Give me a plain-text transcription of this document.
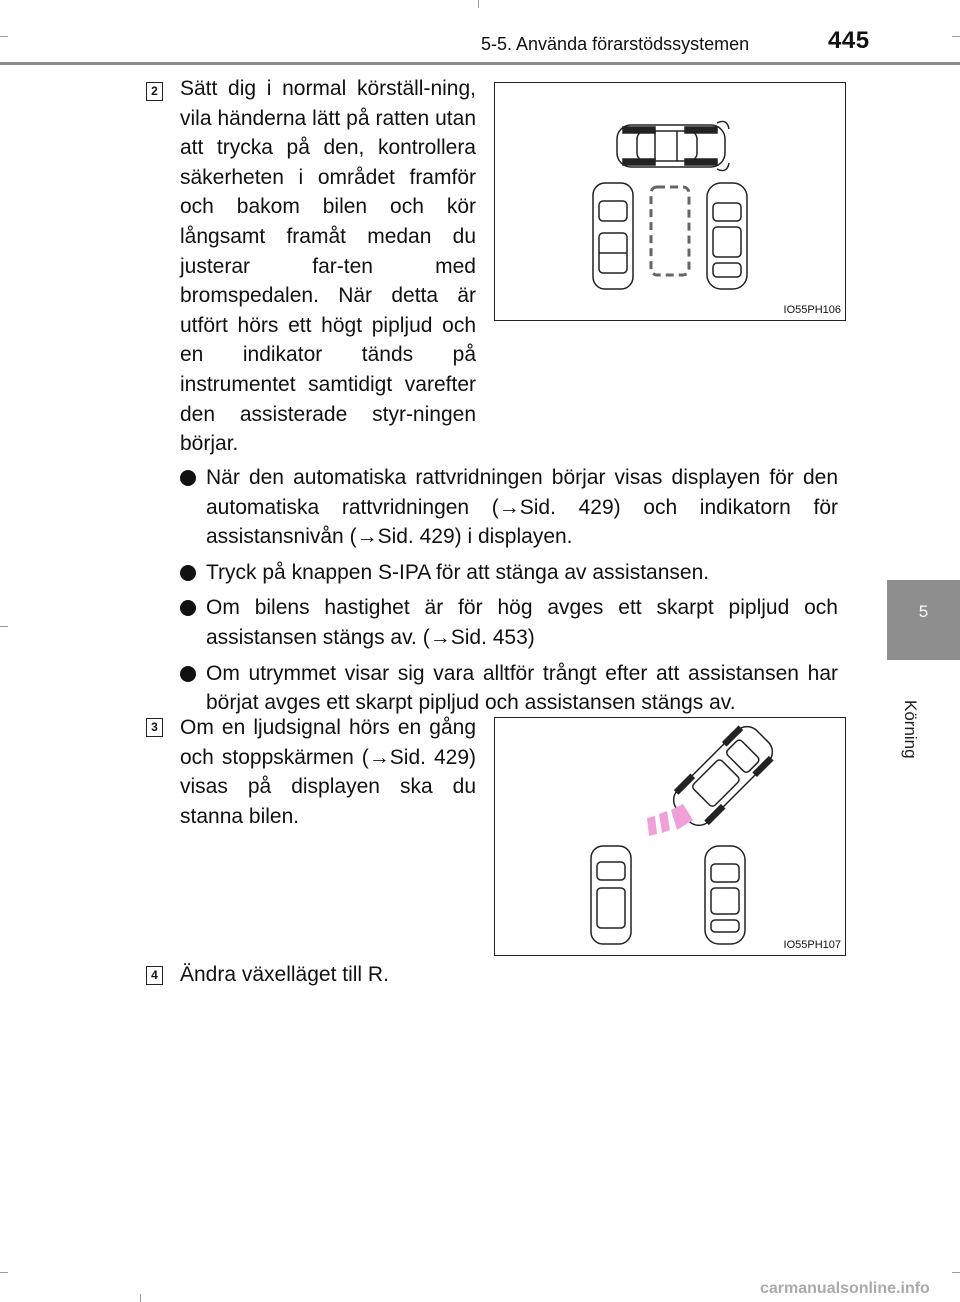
5-5. Använda förarstödssystemen	445
5
Körning
2 Sätt dig i normal körställ-ning, vila händerna lätt på ratten utan att trycka på den, kontrollera säkerheten i området framför och bakom bilen och kör långsamt framåt medan du justerar far-ten med bromspedalen. När detta är utfört hörs ett högt pipljud och en indikator tänds på instrumentet samtidigt varefter den assisterade styr-ningen börjar.
IO55PH106
När den automatiska rattvridningen börjar visas displayen för den automatiska rattvridningen (→Sid. 429) och indikatorn för assistansnivån (→Sid. 429) i displayen.
Tryck på knappen S-IPA för att stänga av assistansen.
Om bilens hastighet är för hög avges ett skarpt pipljud och assistansen stängs av. (→Sid. 453)
Om utrymmet visar sig vara alltför trångt efter att assistansen har börjat avges ett skarpt pipljud och assistansen stängs av.
3 Om en ljudsignal hörs en gång och stoppskärmen (→Sid. 429) visas på displayen ska du stanna bilen.
IO55PH107
4 Ändra växelläget till R.
carmanualsonline.info
